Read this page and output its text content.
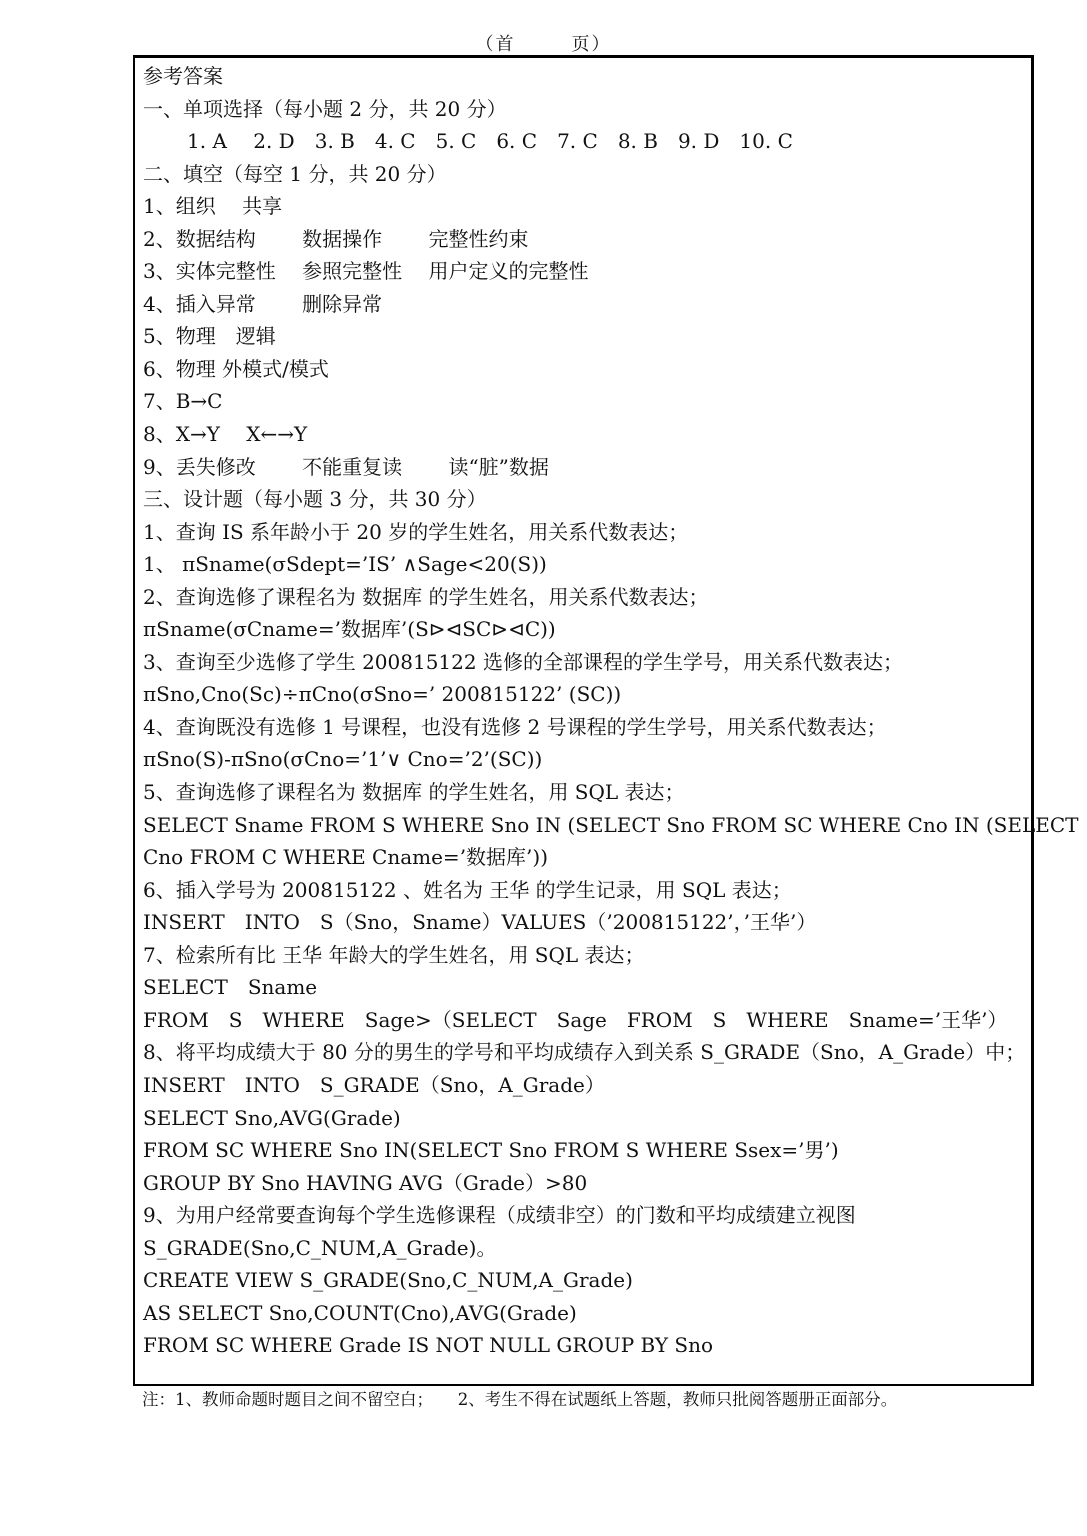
（首	页）
参考答案
一、单项选择（每小题 2 分，共 20 分）
1. A　 2. D　3. B　4. C　5. C　6. C　7. C　8. B　9. D　10. C
二、填空（每空 1 分，共 20 分）
1、组织　 共享
2、数据结构　　 数据操作　　 完整性约束
3、实体完整性　 参照完整性　 用户定义的完整性
4、插入异常　　 删除异常
5、物理　逻辑
6、物理 外模式/模式
7、B→C
8、X→Y　 X←→Y
9、丢失修改　　 不能重复读　　 读“脏”数据
三、设计题（每小题 3 分，共 30 分）
1、查询 IS 系年龄小于 20 岁的学生姓名，用关系代数表达；
1、 πSname(σSdept=’IS’ ∧Sage<20(S))
2、查询选修了课程名为 数据库 的学生姓名，用关系代数表达；
πSname(σCname=’数据库’(S⊳⊲SC⊳⊲C))
3、查询至少选修了学生 200815122 选修的全部课程的学生学号，用关系代数表达；
πSno,Cno(Sc)÷πCno(σSno=’ 200815122’ (SC))
4、查询既没有选修 1 号课程，也没有选修 2 号课程的学生学号，用关系代数表达；
πSno(S)-πSno(σCno=’1’∨ Cno=’2’(SC))
5、查询选修了课程名为 数据库 的学生姓名，用 SQL 表达；
SELECT Sname FROM S WHERE Sno IN (SELECT Sno FROM SC WHERE Cno IN (SELECT
Cno FROM C WHERE Cname=’数据库’))
6、插入学号为 200815122 、姓名为 王华 的学生记录，用 SQL 表达；
INSERT　INTO　S（Sno，Sname）VALUES（’200815122’，’王华’）
7、检索所有比 王华 年龄大的学生姓名，用 SQL 表达；
SELECT　Sname
FROM　S　WHERE　Sage>（SELECT　Sage　FROM　S　WHERE　Sname=’王华’）
8、将平均成绩大于 80 分的男生的学号和平均成绩存入到关系 S_GRADE（Sno，A_Grade）中；
INSERT　INTO　S_GRADE（Sno，A_Grade）
SELECT Sno,AVG(Grade)
FROM SC WHERE Sno IN(SELECT Sno FROM S WHERE Ssex=’男’)
GROUP BY Sno HAVING AVG（Grade）>80
9、为用户经常要查询每个学生选修课程（成绩非空）的门数和平均成绩建立视图
S_GRADE(Sno,C_NUM,A_Grade)。
CREATE VIEW S_GRADE(Sno,C_NUM,A_Grade)
AS SELECT Sno,COUNT(Cno),AVG(Grade)
FROM SC WHERE Grade IS NOT NULL GROUP BY Sno
注：1、教师命题时题目之间不留空白；　　2、考生不得在试题纸上答题，教师只批阅答题册正面部分。
